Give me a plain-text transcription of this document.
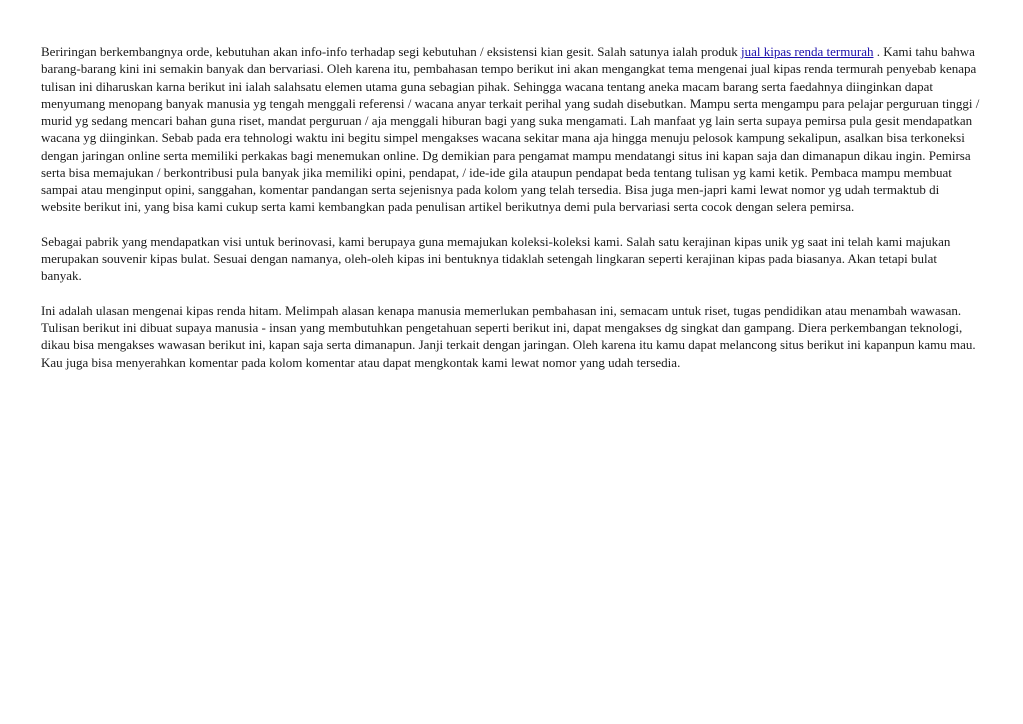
Beriringan berkembangnya orde, kebutuhan akan info-info terhadap segi kebutuhan / eksistensi kian gesit. Salah satunya ialah produk jual kipas renda termurah . Kami tahu bahwa barang-barang kini ini semakin banyak dan bervariasi. Oleh karena itu, pembahasan tempo berikut ini akan mengangkat tema mengenai jual kipas renda termurah penyebab kenapa tulisan ini diharuskan karna berikut ini ialah salahsatu elemen utama guna sebagian pihak. Sehingga wacana tentang aneka macam barang serta faedahnya diinginkan dapat menyumang menopang banyak manusia yg tengah menggali referensi / wacana anyar terkait perihal yang sudah disebutkan. Mampu serta mengampu para pelajar perguruan tinggi / murid yg sedang mencari bahan guna riset, mandat perguruan / aja menggali hiburan bagi yang suka mengamati. Lah manfaat yg lain serta supaya pemirsa pula gesit mendapatkan wacana yg diinginkan. Sebab pada era tehnologi waktu ini begitu simpel mengakses wacana sekitar mana aja hingga menuju pelosok kampung sekalipun, asalkan bisa terkoneksi dengan jaringan online serta memiliki perkakas bagi menemukan online. Dg demikian para pengamat mampu mendatangi situs ini kapan saja dan dimanapun dikau ingin. Pemirsa serta bisa memajukan / berkontribusi pula banyak jika memiliki opini, pendapat, / ide-ide gila ataupun pendapat beda tentang tulisan yg kami ketik. Pembaca mampu membuat sampai atau menginput opini, sanggahan, komentar pandangan serta sejenisnya pada kolom yang telah tersedia. Bisa juga men-japri kami lewat nomor yg udah termaktub di website berikut ini, yang bisa kami cukup serta kami kembangkan pada penulisan artikel berikutnya demi pula bervariasi serta cocok dengan selera pemirsa.

Sebagai pabrik yang mendapatkan visi untuk berinovasi, kami berupaya guna memajukan koleksi-koleksi kami. Salah satu kerajinan kipas unik yg saat ini telah kami majukan merupakan souvenir kipas bulat. Sesuai dengan namanya, oleh-oleh kipas ini bentuknya tidaklah setengah lingkaran seperti kerajinan kipas pada biasanya. Akan tetapi bulat banyak.

Ini adalah ulasan mengenai kipas renda hitam. Melimpah alasan kenapa manusia memerlukan pembahasan ini, semacam untuk riset, tugas pendidikan atau menambah wawasan. Tulisan berikut ini dibuat supaya manusia - insan yang membutuhkan pengetahuan seperti berikut ini, dapat mengakses dg singkat dan gampang. Diera perkembangan teknologi, dikau bisa mengakses wawasan berikut ini, kapan saja serta dimanapun. Janji terkait dengan jaringan. Oleh karena itu kamu dapat melancong situs berikut ini kapanpun kamu mau. Kau juga bisa menyerahkan komentar pada kolom komentar atau dapat mengkontak kami lewat nomor yang udah tersedia.
